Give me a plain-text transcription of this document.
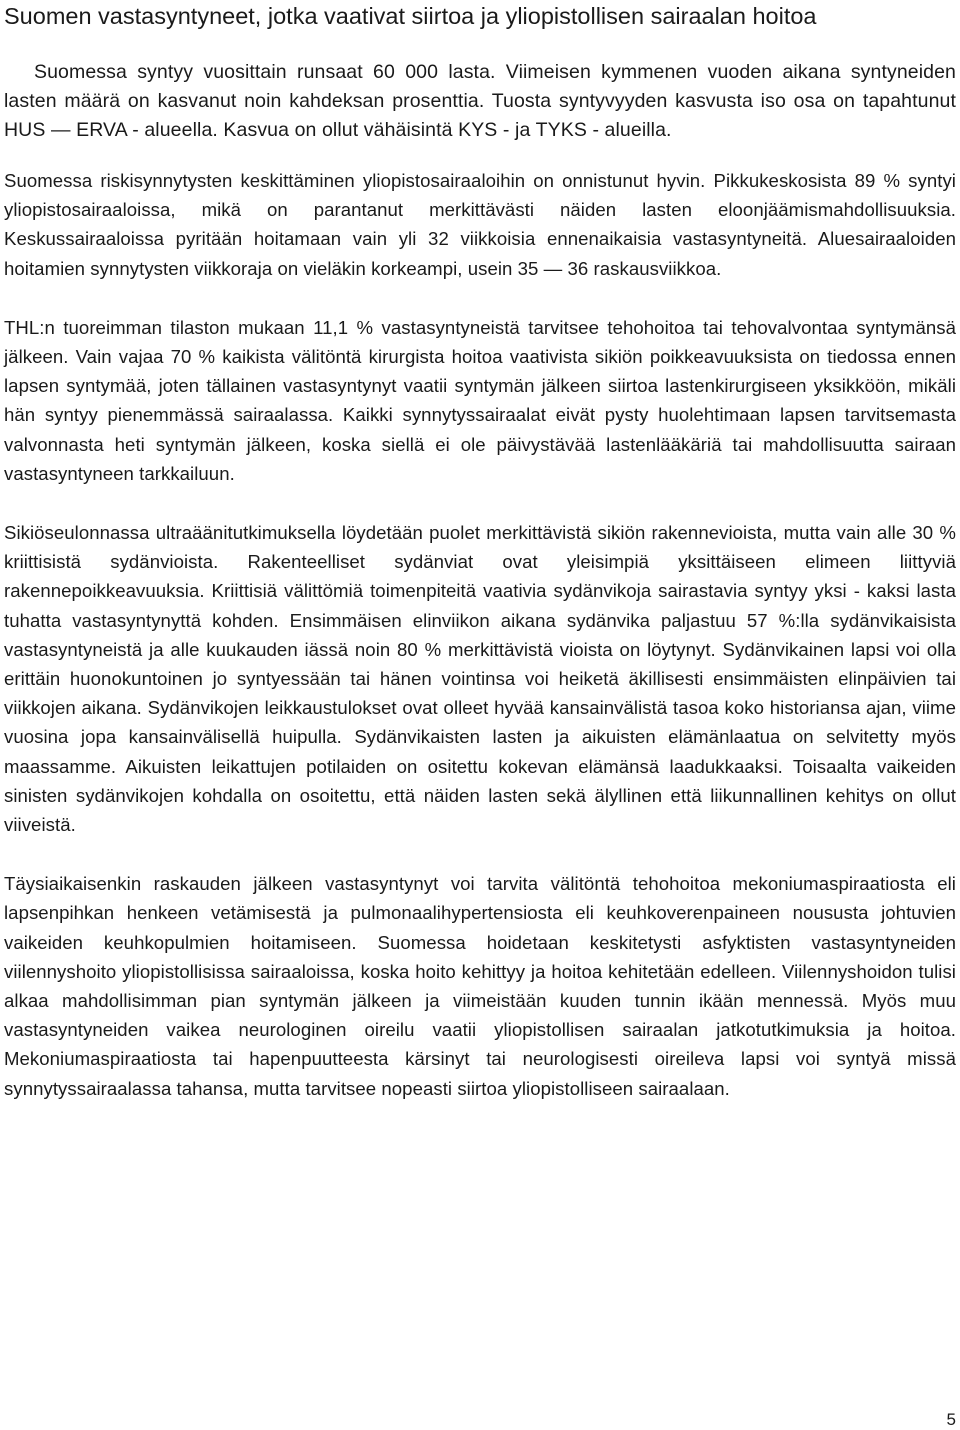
Suomen vastasyntyneet, jotka vaativat siirtoa ja yliopistollisen sairaalan hoitoa

Suomessa syntyy vuosittain runsaat 60 000 lasta. Viimeisen kymmenen vuoden aikana syntyneiden lasten määrä on kasvanut noin kahdeksan prosenttia. Tuosta syntyvyyden kasvusta iso osa on tapahtunut HUS — ERVA - alueella. Kasvua on ollut vähäisintä KYS - ja TYKS - alueilla.

Suomessa riskisynnytysten keskittäminen yliopistosairaaloihin on onnistunut hyvin. Pikkukeskosista 89 % syntyi yliopistosairaaloissa, mikä on parantanut merkittävästi näiden lasten eloonjäämismahdollisuuksia. Keskussairaaloissa pyritään hoitamaan vain yli 32 viikkoisia ennenaikaisia vastasyntyneitä. Aluesairaaloiden hoitamien synnytysten viikkoraja on vieläkin korkeampi, usein 35 — 36 raskausviikkoa.

THL:n tuoreimman tilaston mukaan 11,1 % vastasyntyneistä tarvitsee tehohoitoa tai tehovalvontaa syntymänsä jälkeen. Vain vajaa 70 % kaikista välitöntä kirurgista hoitoa vaativista sikiön poikkeavuuksista on tiedossa ennen lapsen syntymää, joten tällainen vastasyntynyt vaatii syntymän jälkeen siirtoa lastenkirurgiseen yksikköön, mikäli hän syntyy pienemmässä sairaalassa. Kaikki synnytyssairaalat eivät pysty huolehtimaan lapsen tarvitsemasta valvonnasta heti syntymän jälkeen, koska siellä ei ole päivystävää lastenlääkäriä tai mahdollisuutta sairaan vastasyntyneen tarkkailuun.

Sikiöseulonnassa ultraäänitutkimuksella löydetään puolet merkittävistä sikiön rakennevioista, mutta vain alle 30 % kriittisistä sydänvioista. Rakenteelliset sydänviat ovat yleisimpiä yksittäiseen elimeen liittyviä rakennepoikkeavuuksia. Kriittisiä välittömiä toimenpiteitä vaativia sydänvikoja sairastavia syntyy yksi - kaksi lasta tuhatta vastasyntynyttä kohden. Ensimmäisen elinviikon aikana sydänvika paljastuu 57 %:lla sydänvikaisista vastasyntyneistä ja alle kuukauden iässä noin 80 % merkittävistä vioista on löytynyt. Sydänvikainen lapsi voi olla erittäin huonokuntoinen jo syntyessään tai hänen vointinsa voi heiketä äkillisesti ensimmäisten elinpäivien tai viikkojen aikana. Sydänvikojen leikkaustulokset ovat olleet hyvää kansainvälistä tasoa koko historiansa ajan, viime vuosina jopa kansainvälisellä huipulla. Sydänvikaisten lasten ja aikuisten elämänlaatua on selvitetty myös maassamme. Aikuisten leikattujen potilaiden on ositettu kokevan elämänsä laadukkaaksi. Toisaalta vaikeiden sinisten sydänvikojen kohdalla on osoitettu, että näiden lasten sekä älyllinen että liikunnallinen kehitys on ollut viiveistä.

Täysiaikaisenkin raskauden jälkeen vastasyntynyt voi tarvita välitöntä tehohoitoa mekoniumaspiraatiosta eli lapsenpihkan henkeen vetämisestä ja pulmonaalihypertensiosta eli keuhkoverenpaineen noususta johtuvien vaikeiden keuhkopulmien hoitamiseen. Suomessa hoidetaan keskitetysti asfyktisten vastasyntyneiden viilennyshoito yliopistollisissa sairaaloissa, koska hoito kehittyy ja hoitoa kehitetään edelleen. Viilennyshoidon tulisi alkaa mahdollisimman pian syntymän jälkeen ja viimeistään kuuden tunnin ikään mennessä. Myös muu vastasyntyneiden vaikea neurologinen oireilu vaatii yliopistollisen sairaalan jatkotutkimuksia ja hoitoa. Mekoniumaspiraatiosta tai hapenpuutteesta kärsinyt tai neurologisesti oireileva lapsi voi syntyä missä synnytyssairaalassa tahansa, mutta tarvitsee nopeasti siirtoa yliopistolliseen sairaalaan.

5
